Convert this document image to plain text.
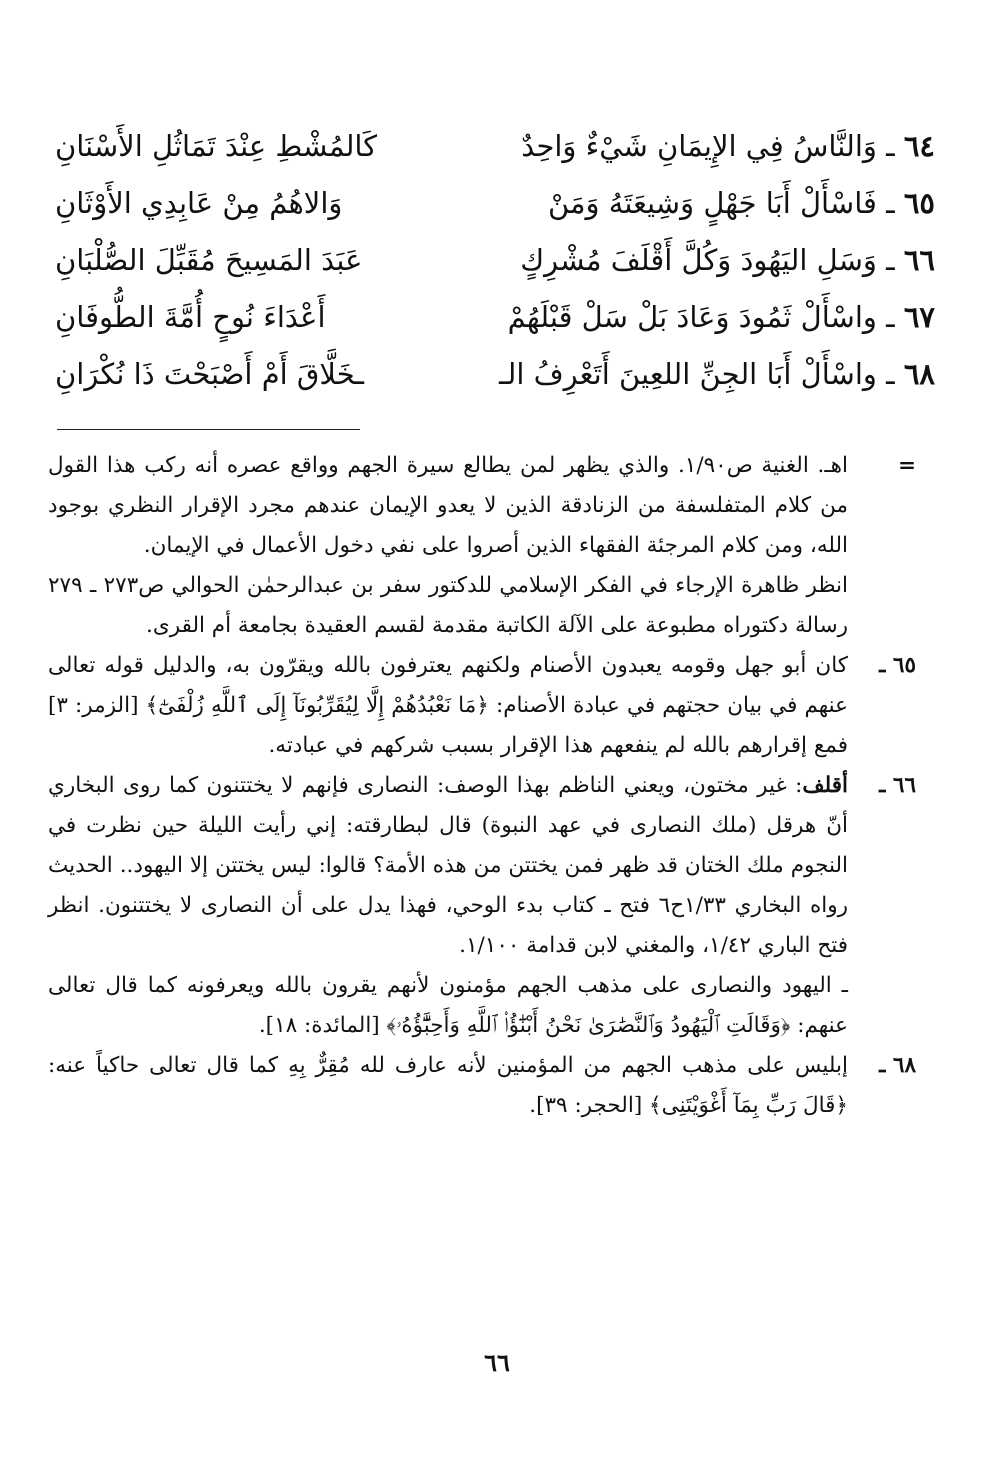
٦٤ ـ وَالنَّاسُ فِي الإِيمَانِ شَيْءٌ وَاحِدٌ
كَالمُشْطِ عِنْدَ تَمَاثُلِ الأَسْنَانِ
٦٥ ـ فَاسْأَلْ أَبَا جَهْلٍ وَشِيعَتَهُ وَمَنْ
وَالاهُمُ مِنْ عَابِدِي الأَوْثَانِ
٦٦ ـ وَسَلِ اليَهُودَ وَكُلَّ أَقْلَفَ مُشْرِكٍ
عَبَدَ المَسِيحَ مُقَبِّلَ الصُّلْبَانِ
٦٧ ـ واسْأَلْ ثَمُودَ وَعَادَ بَلْ سَلْ قَبْلَهُمْ
أَعْدَاءَ نُوحٍ أُمَّةَ الطُّوفَانِ
٦٨ ـ واسْأَلْ أَبَا الجِنِّ اللعِينَ أَتَعْرِفُ الـ
ـخَلَّاقَ أَمْ أَصْبَحْتَ ذَا نُكْرَانِ
=
اهـ. الغنية ص١/٩٠. والذي يظهر لمن يطالع سيرة الجهم وواقع عصره أنه ركب هذا القول من كلام المتفلسفة من الزنادقة الذين لا يعدو الإيمان عندهم مجرد الإقرار النظري بوجود الله، ومن كلام المرجئة الفقهاء الذين أصروا على نفي دخول الأعمال في الإيمان.
انظر ظاهرة الإرجاء في الفكر الإسلامي للدكتور سفر بن عبدالرحمٰن الحوالي ص٢٧٣ ـ ٢٧٩ رسالة دكتوراه مطبوعة على الآلة الكاتبة مقدمة لقسم العقيدة بجامعة أم القرى.
٦٥ ـ
كان أبو جهل وقومه يعبدون الأصنام ولكنهم يعترفون بالله ويقرّون به، والدليل قوله تعالى عنهم في بيان حجتهم في عبادة الأصنام: ﴿مَا نَعْبُدُهُمْ إِلَّا لِيُقَرِّبُونَآ إِلَى ٱللَّهِ زُلْفَىٰٓ﴾ [الزمر: ٣] فمع إقرارهم بالله لم ينفعهم هذا الإقرار بسبب شركهم في عبادته.
٦٦ ـ
أقلف: غير مختون، ويعني الناظم بهذا الوصف: النصارى فإنهم لا يختتنون كما روى البخاري أنّ هرقل (ملك النصارى في عهد النبوة) قال لبطارقته: إني رأيت الليلة حين نظرت في النجوم ملك الختان قد ظهر فمن يختتن من هذه الأمة؟ قالوا: ليس يختتن إلا اليهود.. الحديث رواه البخاري ١/٣٣ح٦ فتح ـ كتاب بدء الوحي، فهذا يدل على أن النصارى لا يختتنون. انظر فتح الباري ١/٤٢، والمغني لابن قدامة ١/١٠٠.
ـ اليهود والنصارى على مذهب الجهم مؤمنون لأنهم يقرون بالله ويعرفونه كما قال تعالى عنهم: ﴿وَقَالَتِ ٱلْيَهُودُ وَٱلنَّصَٰرَىٰ نَحْنُ أَبْنَٰٓؤُا۟ ٱللَّهِ وَأَحِبَّٰٓؤُهُۥ﴾ [المائدة: ١٨].
٦٨ ـ
إبليس على مذهب الجهم من المؤمنين لأنه عارف لله مُقِرٌّ بِهِ كما قال تعالى حاكياً عنه: ﴿قَالَ رَبِّ بِمَآ أَغْوَيْتَنِى﴾ [الحجر: ٣٩].
٦٦
